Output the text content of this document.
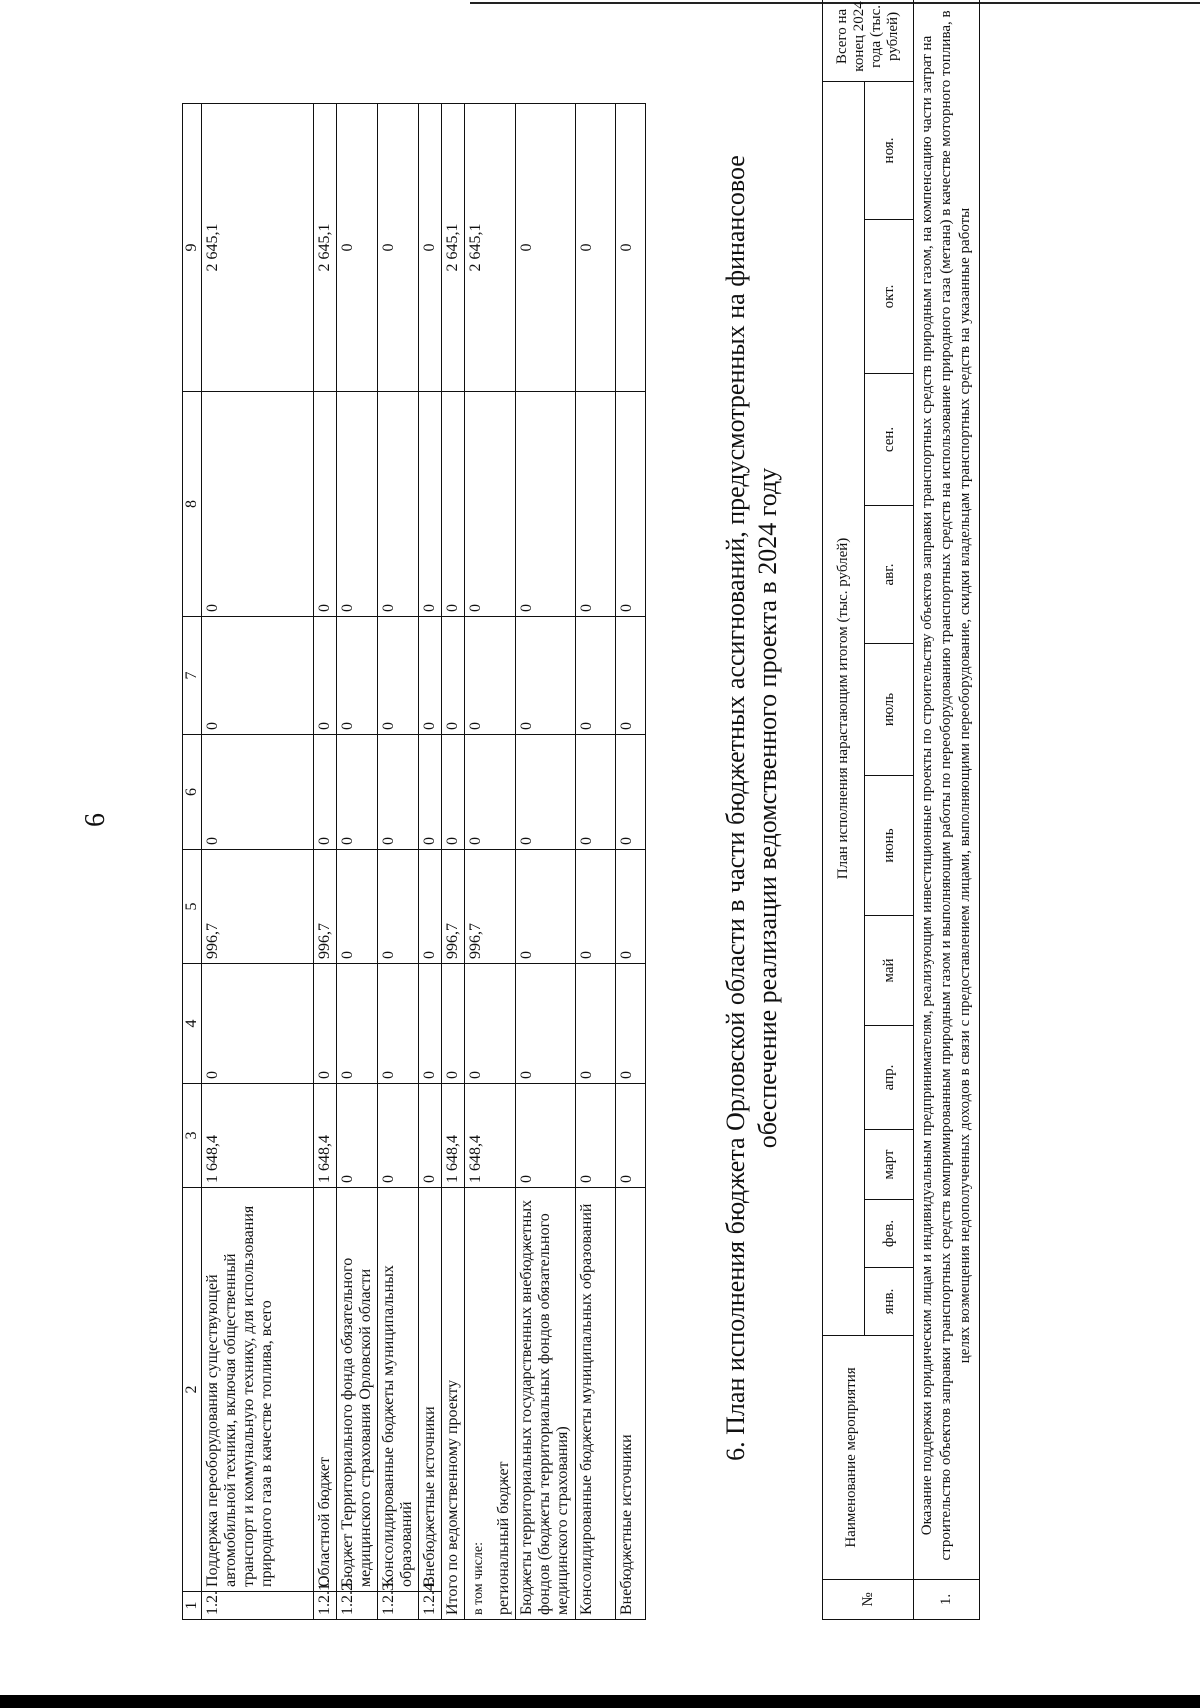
6
1	2	3	4	5	6	7	8	9
1.2.	Поддержка переоборудования существующей автомобильной техники, включая общественный транспорт и коммунальную технику, для использования природного газа в качестве топлива, всего	1 648,4	0	996,7	0	0	0	2 645,1
1.2.1.	Областной бюджет	1 648,4	0	996,7	0	0	0	2 645,1
1.2.2.	Бюджет Территориального фонда обязательного медицинского страхования Орловской области	0	0	0	0	0	0	0
1.2.3.	Консолидированные бюджеты муниципальных образований	0	0	0	0	0	0	0
1.2.4.	Внебюджетные источники	0	0	0	0	0	0	0
Итого по ведомственному проекту		1 648,4	0	996,7	0	0	0	2 645,1

в том числе: региональный бюджет		1 648,4	0	996,7	0	0	0	2 645,1
Бюджеты территориальных государственных внебюджетных фондов (бюджеты территориальных фондов обязательного медицинского страхования)		0	0	0	0	0	0	0
Консолидированные бюджеты муниципальных образований		0	0	0	0	0	0	0
Внебюджетные источники		0	0	0	0	0	0	0	6. План исполнения бюджета Орловской области в части бюджетных ассигнований, предусмотренных на финансовое обеспечение реализации ведомственного проекта в 2024 году
№	Наименование мероприятия	План исполнения нарастающим итогом (тыс. рублей)											Всего на конец 2024 года (тыс. рублей)
		янв.	фев.	март	апр.	май	июнь	июль	авг.	сен.	окт.	ноя.	
1.	Оказание поддержки юридическим лицам и индивидуальным предпринимателям, реализующим инвестиционные проекты по строительству объектов заправки транспортных средств природным газом, на компенсацию части затрат на строительство объектов заправки транспортных средств компримированным природным газом и выполняющим работы по переоборудованию транспортных средств на использование природного газа (метана) в качестве моторного топлива, в целях возмещения недополученных доходов в связи с предоставлением лицами, выполняющими переоборудование, скидки владельцам транспортных средств на указанные работы												
